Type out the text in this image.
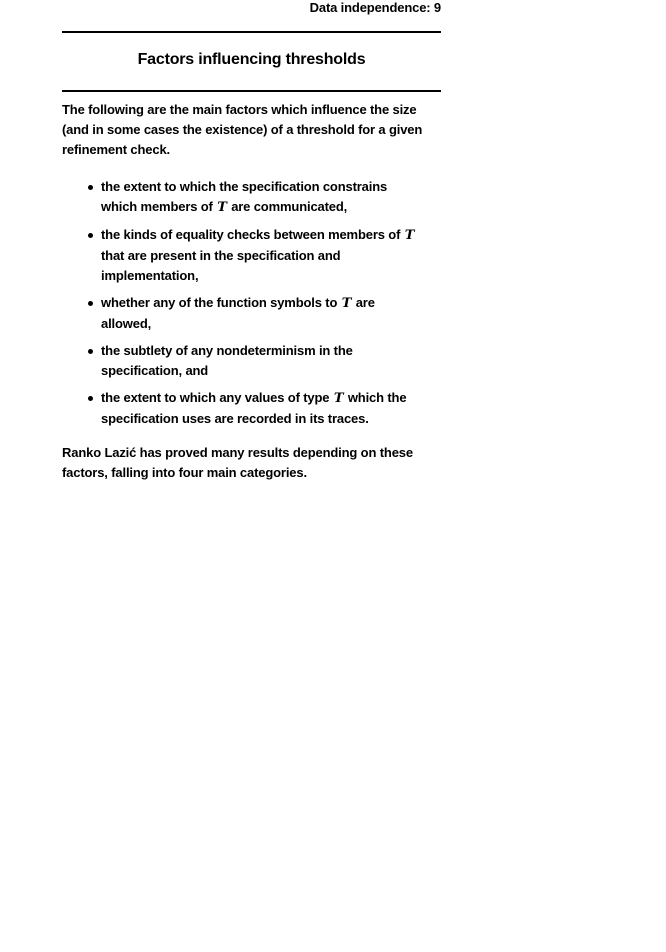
Data independence: 9
Factors influencing thresholds
The following are the main factors which influence the size
(and in some cases the existence) of a threshold for a given
refinement check.
the extent to which the specification constrains
which members of T are communicated,
the kinds of equality checks between members of T
that are present in the specification and
implementation,
whether any of the function symbols to T are
allowed,
the subtlety of any nondeterminism in the
specification, and
the extent to which any values of type T which the
specification uses are recorded in its traces.
Ranko Lazić has proved many results depending on these
factors, falling into four main categories.
